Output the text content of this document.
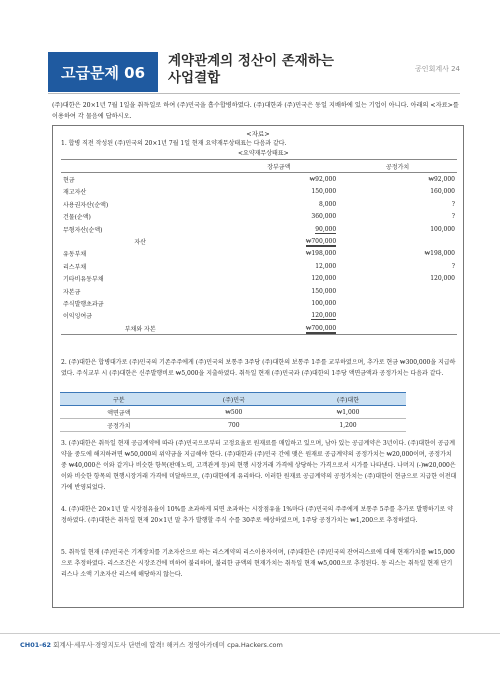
고급문제 06
계약관계의 정산이 존재하는
사업결합
공인회계사 24
(주)대한은 20×1년 7월 1일을 취득일로 하여 (주)민국을 흡수합병하였다. (주)대한과 (주)민국은 동일 지배하에 있는 기업이 아니다. 아래의 <자료>를 이용하여 각 물음에 답하시오.
<자료>
1. 합병 직전 작성된 (주)민국의 20×1년 7월 1일 현재 요약재무상태표는 다음과 같다.
<요약재무상태표>
	장부금액	공정가치
현금	₩92,000	₩92,000
재고자산	150,000	160,000
사용권자산(순액)	8,000	?
건물(순액)	360,000	?
무형자산(순액)	90,000	100,000
자산	₩700,000	
유동부채	₩198,000	₩198,000
리스부채	12,000	?
기타비유동부채	120,000	120,000
자본금	150,000	
주식발행초과금	100,000	
이익잉여금	120,000	
부채와 자본	₩700,000	
2. (주)대한은 합병대가로 (주)민국의 기존주주에게 (주)민국의 보통주 3주당 (주)대한의 보통주 1주를 교부하였으며, 추가로 현금 ₩300,000을 지급하였다. 주식교부 시 (주)대한은 신주발행비로 ₩5,000을 지출하였다. 취득일 현재 (주)민국과 (주)대한의 1주당 액면금액과 공정가치는 다음과 같다.
3. (주)대한은 취득일 현재 공급계약에 따라 (주)민국으로부터 고정요율로 원재료를 매입하고 있으며, 남아 있는 공급계약은 3년이다. (주)대한이 공급계약을 중도에 해지하려면 ₩50,000의 위약금을 지급해야 한다. (주)대한과 (주)민국 간에 맺은 원재료 공급계약의 공정가치는 ₩20,000이며, 공정가치 중 ₩40,000은 이와 같거나 비슷한 항목(판매노력, 고객관계 등)의 현행 시장거래 가격에 상당하는 가격으로서 시가를 나타낸다. 나머지 (-)₩20,000은 이와 비슷한 항목의 현행시장거래 가격에 미달하므로, (주)대한에게 유리하다. 이러한 원재료 공급계약의 공정가치는 (주)대한이 현금으로 지급한 이전대가에 반영되었다.
4. (주)대한은 20×1년 말 시장점유율이 10%를 초과하게 되면 초과하는 시장점유율 1%마다 (주)민국의 주주에게 보통주 5주를 추가로 발행하기로 약정하였다. (주)대한은 취득일 현재 20×1년 말 추가 발행할 주식 수를 30주로 예상하였으며, 1주당 공정가치는 ₩1,200으로 추정하였다.
5. 취득일 현재 (주)민국은 기계장치를 기초자산으로 하는 리스계약의 리스이용자이며, (주)대한은 (주)민국의 잔여리스료에 대해 현재가치를 ₩15,000으로 추정하였다. 리스조건은 시장조건에 비하여 불리하며, 불리한 금액의 현재가치는 취득일 현재 ₩5,000으로 추정된다. 동 리스는 취득일 현재 단기리스나 소액 기초자산 리스에 해당하지 않는다.
구분	(주)민국	(주)대한
액면금액	₩500	₩1,000
공정가치	700	1,200
CH01-62 회계사·세무사·경영지도사 단번에 합격! 해커스 경영아카데미 cpa.Hackers.com
